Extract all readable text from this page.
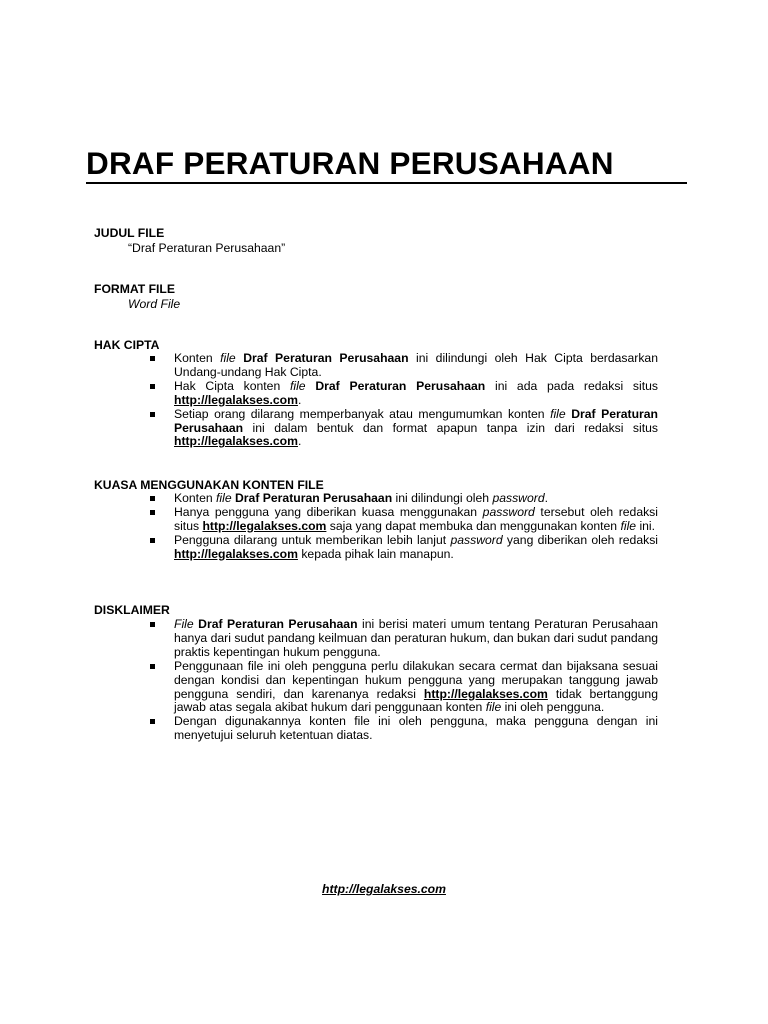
DRAF PERATURAN PERUSAHAAN
JUDUL FILE
“Draf Peraturan Perusahaan”
FORMAT FILE
Word File
HAK CIPTA
Konten file Draf Peraturan Perusahaan ini dilindungi oleh Hak Cipta berdasarkan Undang-undang Hak Cipta.
Hak Cipta konten file Draf Peraturan Perusahaan ini ada pada redaksi situs http://legalakses.com.
Setiap orang dilarang memperbanyak atau mengumumkan konten file Draf Peraturan Perusahaan ini dalam bentuk dan format apapun tanpa izin dari redaksi situs http://legalakses.com.
KUASA MENGGUNAKAN KONTEN FILE
Konten file Draf Peraturan Perusahaan ini dilindungi oleh password.
Hanya pengguna yang diberikan kuasa menggunakan password tersebut oleh redaksi situs http://legalakses.com saja yang dapat membuka dan menggunakan konten file ini.
Pengguna dilarang untuk memberikan lebih lanjut password yang diberikan oleh redaksi http://legalakses.com kepada pihak lain manapun.
DISKLAIMER
File Draf Peraturan Perusahaan ini berisi materi umum tentang Peraturan Perusahaan hanya dari sudut pandang keilmuan dan peraturan hukum, dan bukan dari sudut pandang praktis kepentingan hukum pengguna.
Penggunaan file ini oleh pengguna perlu dilakukan secara cermat dan bijaksana sesuai dengan kondisi dan kepentingan hukum pengguna yang merupakan tanggung jawab pengguna sendiri, dan karenanya redaksi http://legalakses.com tidak bertanggung jawab atas segala akibat hukum dari penggunaan konten file ini oleh pengguna.
Dengan digunakannya konten file ini oleh pengguna, maka pengguna dengan ini menyetujui seluruh ketentuan diatas.
http://legalakses.com
